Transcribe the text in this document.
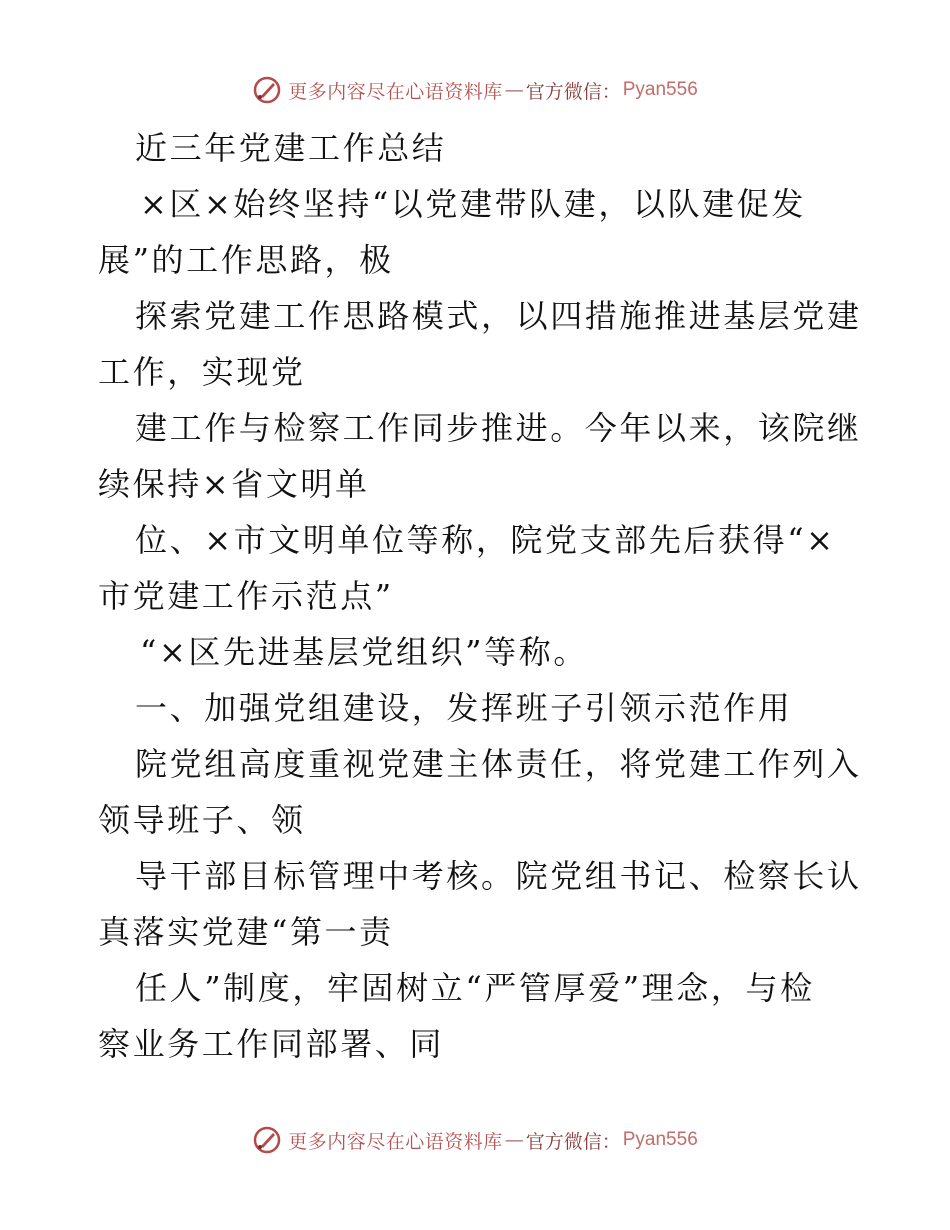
更多内容尽在心语资料库 — 官方微信： Pyan556
近三年党建工作总结
×区×始终坚持“以党建带队建，以队建促发
展”的工作思路，极
探索党建工作思路模式，以四措施推进基层党建
工作，实现党
建工作与检察工作同步推进。今年以来，该院继
续保持×省文明单
位、×市文明单位等称，院党支部先后获得“×
市党建工作示范点”
“×区先进基层党组织”等称。
一、加强党组建设，发挥班子引领示范作用
院党组高度重视党建主体责任，将党建工作列入
领导班子、领
导干部目标管理中考核。院党组书记、检察长认
真落实党建“第一责
任人”制度，牢固树立“严管厚爱”理念，与检
察业务工作同部署、同
更多内容尽在心语资料库 — 官方微信： Pyan556
